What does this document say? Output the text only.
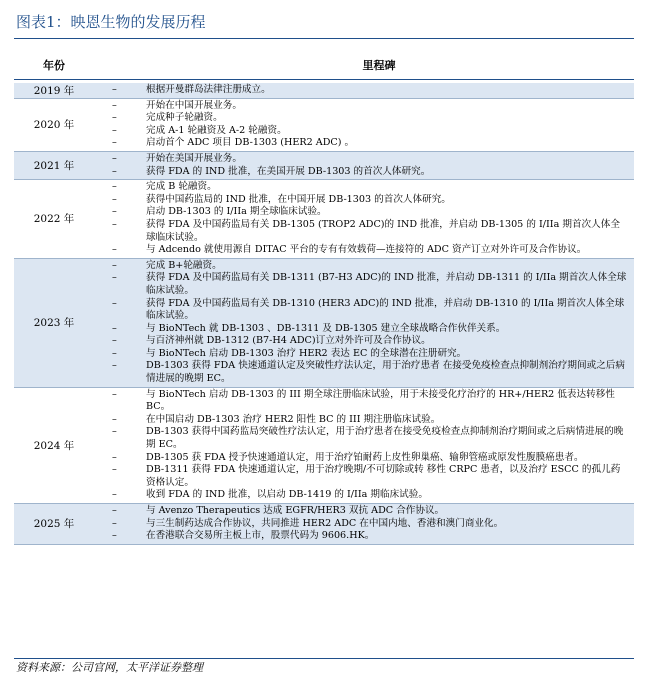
图表1：映恩生物的发展历程
年份	里程碑
2019 年	–	根据开曼群岛法律注册成立。
2020 年
–	开始在中国开展业务。
–	完成种子轮融资。
–	完成 A-1 轮融资及 A-2 轮融资。
–	启动首个 ADC 项目 DB-1303 (HER2 ADC) 。
2021 年
–	开始在美国开展业务。
–	获得 FDA 的 IND 批准，在美国开展 DB-1303 的首次人体研究。
2022 年
–	完成 B 轮融资。
–	获得中国药监局的 IND 批准，在中国开展 DB-1303 的首次人体研究。
–	启动 DB-1303 的 I/IIa 期全球临床试验。
–	获得 FDA 及中国药监局有关 DB-1305 (TROP2 ADC)的 IND 批准，并启动 DB-1305 的 I/IIa 期首次人体全球临床试验。
–	与 Adcendo 就使用源自 DITAC 平台的专有有效载荷—连接符的 ADC 资产订立对外许可及合作协议。
2023 年
–	完成 B+轮融资。
–	获得 FDA 及中国药监局有关 DB-1311 (B7-H3 ADC)的 IND 批准，并启动 DB-1311 的 I/IIa 期首次人体全球临床试验。
–	获得 FDA 及中国药监局有关 DB-1310 (HER3 ADC)的 IND 批准，并启动 DB-1310 的 I/IIa 期首次人体全球临床试验。
–	与 BioNTech 就 DB-1303 、DB-1311 及 DB-1305 建立全球战略合作伙伴关系。
–	与百济神州就 DB-1312 (B7-H4 ADC)订立对外许可及合作协议。
–	与 BioNTech 启动 DB-1303 治疗 HER2 表达 EC 的全球潜在注册研究。
–	DB-1303 获得 FDA 快速通道认定及突破性疗法认定，用于治疗患者 在接受免疫检查点抑制剂治疗期间或之后病情进展的晚期 EC。
2024 年
–	与 BioNTech 启动 DB-1303 的 III 期全球注册临床试验，用于未接受化疗治疗的 HR+/HER2 低表达转移性 BC。
–	在中国启动 DB-1303 治疗 HER2 阳性 BC 的 III 期注册临床试验。
–	DB-1303 获得中国药监局突破性疗法认定，用于治疗患者在接受免疫检查点抑制剂治疗期间或之后病情进展的晚期 EC。
–	DB-1305 获 FDA 授予快速通道认定，用于治疗铂耐药上皮性卵巢癌、输卵管癌或原发性腹膜癌患者。
–	DB-1311 获得 FDA 快速通道认定，用于治疗晚期/不可切除或转 移性 CRPC 患者，以及治疗 ESCC 的孤儿药资格认定。
–	收到 FDA 的 IND 批准，以启动 DB-1419 的 I/IIa 期临床试验。
2025 年
–	与 Avenzo Therapeutics 达成 EGFR/HER3 双抗 ADC 合作协议。
–	与三生制药达成合作协议，共同推进 HER2 ADC 在中国内地、香港和澳门商业化。
–	在香港联合交易所主板上市，股票代码为 9606.HK。
资料来源：公司官网，太平洋证券整理
